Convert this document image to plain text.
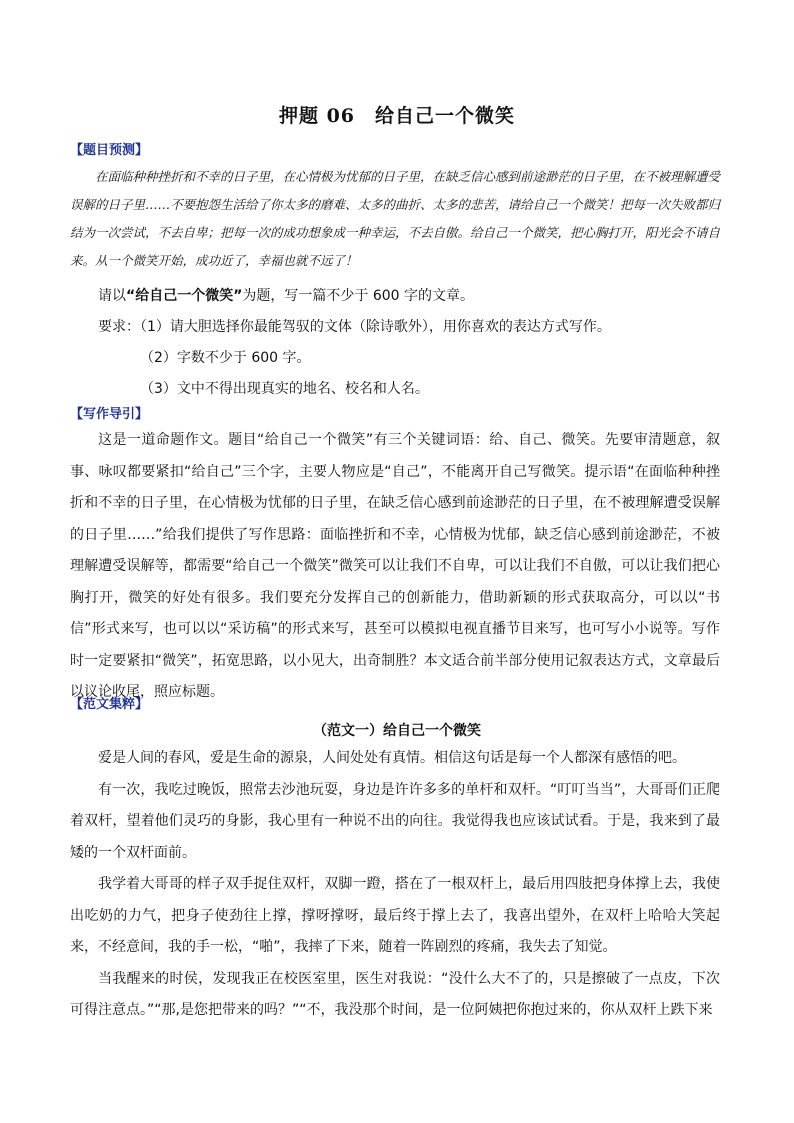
押题 06　给自己一个微笑
【题目预测】

在面临种种挫折和不幸的日子里，在心情极为忧郁的日子里，在缺乏信心感到前途渺茫的日子里，在不被理解遭受误解的日子里……不要抱怨生活给了你太多的磨难、太多的曲折、太多的悲苦，请给自己一个微笑！把每一次失败都归结为一次尝试，不去自卑；把每一次的成功想象成一种幸运，不去自傲。给自己一个微笑，把心胸打开，阳光会不请自来。从一个微笑开始，成功近了，幸福也就不远了！

请以“给自己一个微笑”为题，写一篇不少于 600 字的文章。
要求：（1）请大胆选择你最能驾驭的文体（除诗歌外），用你喜欢的表达方式写作。
（2）字数不少于 600 字。
（3）文中不得出现真实的地名、校名和人名。
【写作导引】

这是一道命题作文。题目“给自己一个微笑”有三个关键词语：给、自己、微笑。先要审清题意，叙事、咏叹都要紧扣“给自己”三个字，主要人物应是“自己”，不能离开自己写微笑。提示语“在面临种种挫折和不幸的日子里，在心情极为忧郁的日子里，在缺乏信心感到前途渺茫的日子里，在不被理解遭受误解的日子里……”给我们提供了写作思路：面临挫折和不幸，心情极为忧郁，缺乏信心感到前途渺茫，不被理解遭受误解等，都需要“给自己一个微笑”微笑可以让我们不自卑，可以让我们不自傲，可以让我们把心胸打开，微笑的好处有很多。我们要充分发挥自己的创新能力，借助新颖的形式获取高分，可以以“书信”形式来写，也可以以“采访稿”的形式来写，甚至可以模拟电视直播节目来写，也可写小小说等。写作时一定要紧扣“微笑”，拓宽思路，以小见大，出奇制胜？本文适合前半部分使用记叙表达方式，文章最后以议论收尾，照应标题。

【范文集粹】
（范文一）给自己一个微笑

爱是人间的春风，爱是生命的源泉，人间处处有真情。相信这句话是每一个人都深有感悟的吧。

有一次，我吃过晚饭，照常去沙池玩耍，身边是许许多多的单杆和双杆。“叮叮当当”，大哥哥们正爬着双杆，望着他们灵巧的身影，我心里有一种说不出的向往。我觉得我也应该试试看。于是，我来到了最矮的一个双杆面前。

我学着大哥哥的样子双手捉住双杆，双脚一蹬，搭在了一根双杆上，最后用四肢把身体撑上去，我使出吃奶的力气，把身子使劲往上撑，撑呀撑呀，最后终于撑上去了，我喜出望外，在双杆上哈哈大笑起来，不经意间，我的手一松，“啪”，我摔了下来，随着一阵剧烈的疼痛，我失去了知觉。

当我醒来的时侯，发现我正在校医室里，医生对我说：“没什么大不了的，只是擦破了一点皮，下次可得注意点。”“那,是您把带来的吗？”“不，我没那个时间，是一位阿姨把你抱过来的，你从双杆上跌下来
